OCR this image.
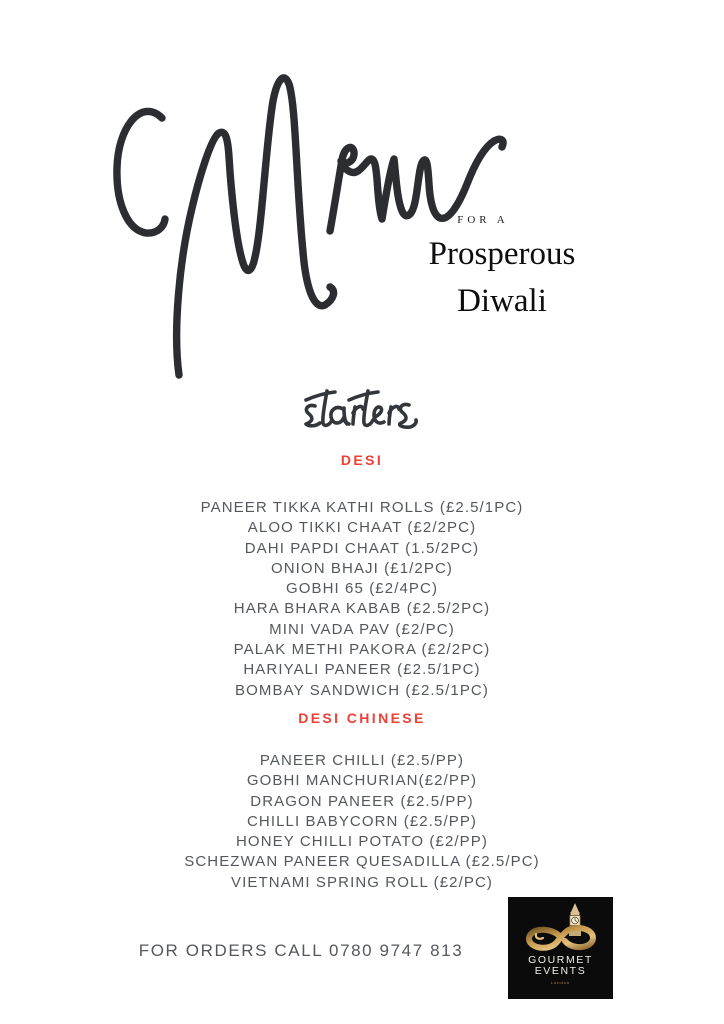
FOR A
Prosperous
Diwali
DESI
PANEER TIKKA KATHI ROLLS (£2.5/1PC)
ALOO TIKKI CHAAT (£2/2PC)
DAHI PAPDI CHAAT (1.5/2PC)
ONION BHAJI (£1/2PC)
GOBHI 65 (£2/4PC)
HARA BHARA KABAB (£2.5/2PC)
MINI VADA PAV (£2/PC)
PALAK METHI PAKORA (£2/2PC)
HARIYALI PANEER (£2.5/1PC)
BOMBAY SANDWICH (£2.5/1PC)
DESI CHINESE
PANEER CHILLI (£2.5/PP)
GOBHI MANCHURIAN(£2/PP)
DRAGON PANEER (£2.5/PP)
CHILLI BABYCORN (£2.5/PP)
HONEY CHILLI POTATO (£2/PP)
SCHEZWAN PANEER QUESADILLA (£2.5/PC)
VIETNAMI SPRING ROLL (£2/PC)
FOR ORDERS CALL 0780 9747 813	GOURMET
EVENTS
London
